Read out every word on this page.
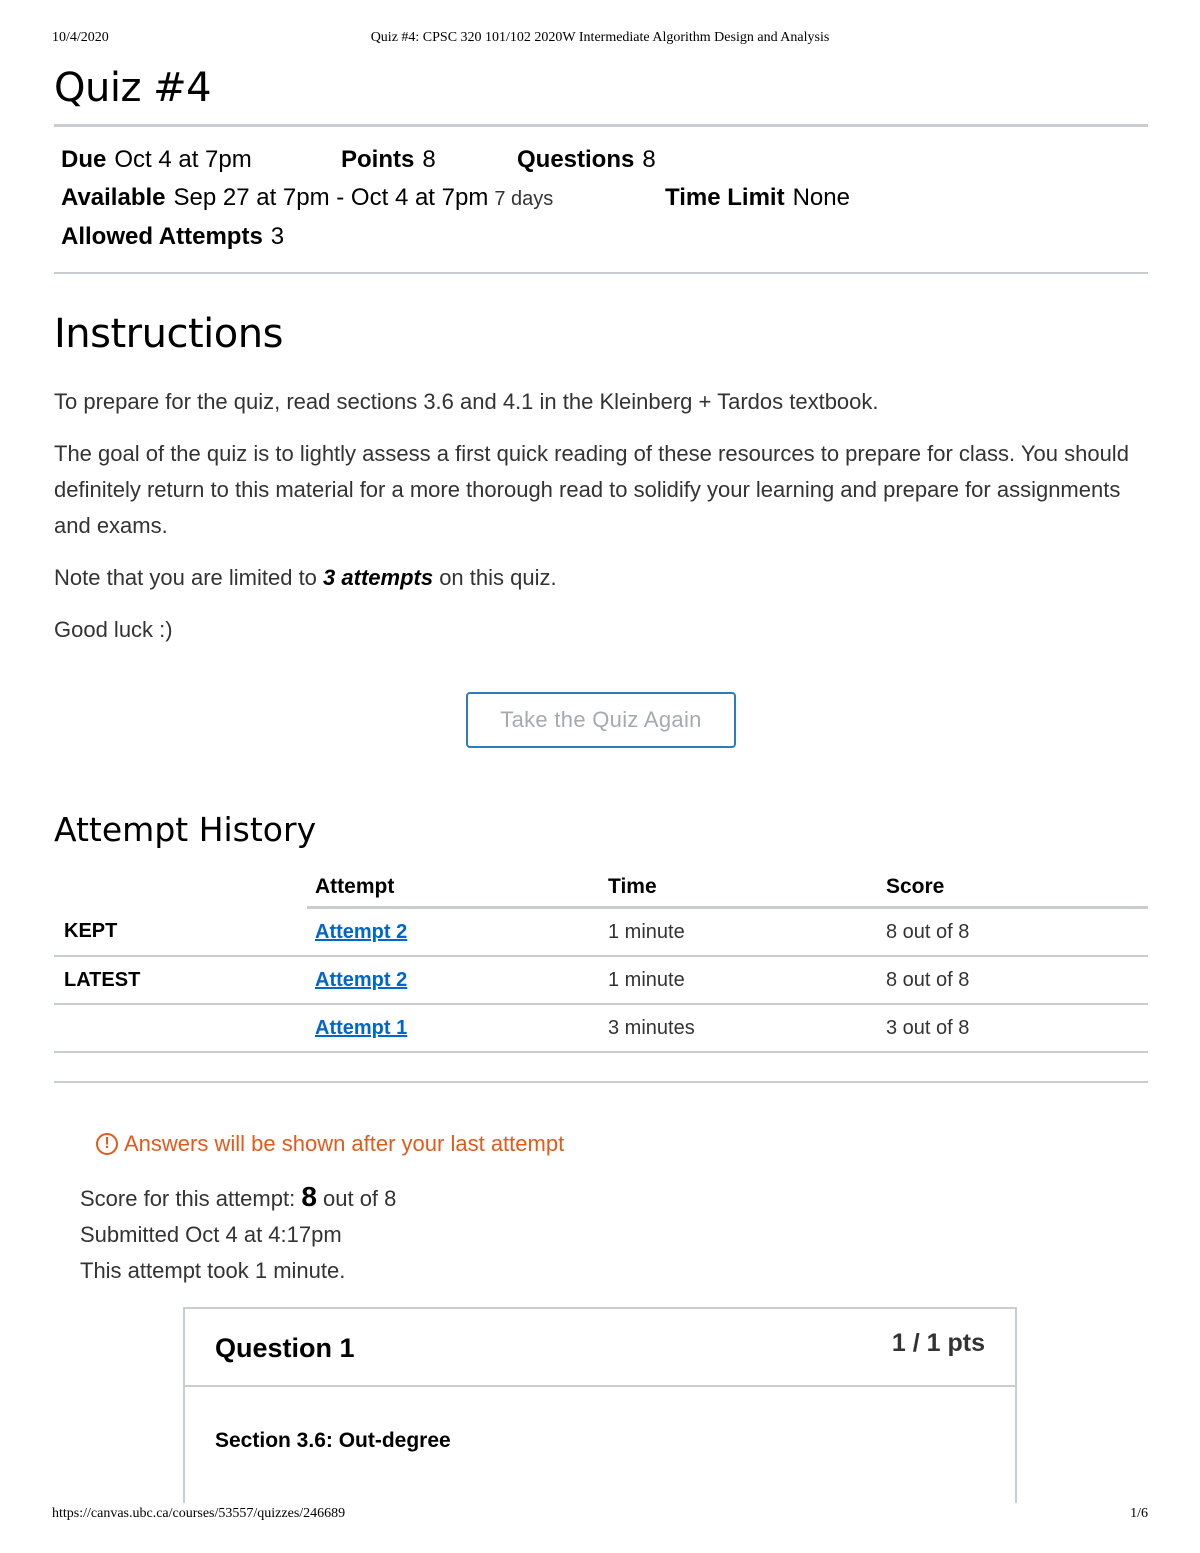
10/4/2020	Quiz #4: CPSC 320 101/102 2020W Intermediate Algorithm Design and Analysis
Quiz #4
Due Oct 4 at 7pm	Points 8	Questions 8
Available Sep 27 at 7pm - Oct 4 at 7pm 7 days	Time Limit None
Allowed Attempts 3
Instructions

To prepare for the quiz, read sections 3.6 and 4.1 in the Kleinberg + Tardos textbook.

The goal of the quiz is to lightly assess a first quick reading of these resources to prepare for class. You should definitely return to this material for a more thorough read to solidify your learning and prepare for assignments and exams.

Note that you are limited to 3 attempts on this quiz.

Good luck :)

Take the Quiz Again
Attempt History
	Attempt	Time	Score
KEPT	Attempt 2	1 minute	8 out of 8
LATEST	Attempt 2	1 minute	8 out of 8
	Attempt 1	3 minutes	3 out of 8
! Answers will be shown after your last attempt
Score for this attempt: 8 out of 8
Submitted Oct 4 at 4:17pm
This attempt took 1 minute.
Question 1	1 / 1 pts
Section 3.6: Out-degree
https://canvas.ubc.ca/courses/53557/quizzes/246689	1/6
